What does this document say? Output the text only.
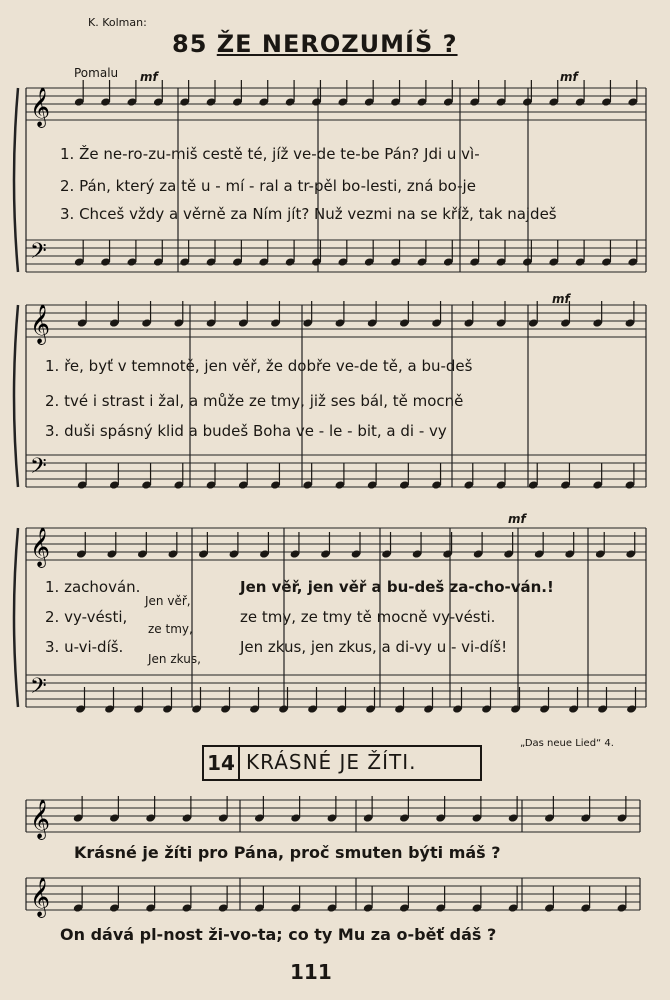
K. Kolman:
85 ŽE NEROZUMÍŠ ?
Pomalu mf	mf
1. Že ne-ro-zu-miš cestě té, jíž ve-de te-be Pán? Jdi u vì-
2. Pán, který za tě u - mí - ral a tr-pěl bo-lesti, zná bo-je
3. Chceš vždy a věrně za Ním jít? Nuž vezmi na se kříž, tak najdeš
mf
1. ře, byť v temnotě, jen věř, že dobře ve-de tě, a bu-deš
2. tvé i strast i žal, a může ze tmy, již ses bál, tě mocně
3. duši spásný klid a budeš Boha ve - le - bit, a di - vy
mf
1. zachován.
Jen věř,
Jen věř, jen věř a bu-deš za-cho-ván.!
2. vy-vésti,
ze tmy,
ze tmy, ze tmy tě mocně vy-vésti.
3. u-vi-díš.
Jen zkus,
Jen zkus, jen zkus, a di-vy u - vi-díš!
„Das neue Lied“ 4.
14 KRÁSNÉ JE ŽÍTI.
Krásné je žíti pro Pána, proč smuten býti máš ?
On dává pl-nost ži-vo-ta; co ty Mu za o-běť dáš ?
111
𝄞
𝄢
𝄞
𝄢
𝄞
𝄢
𝄞
𝄞
